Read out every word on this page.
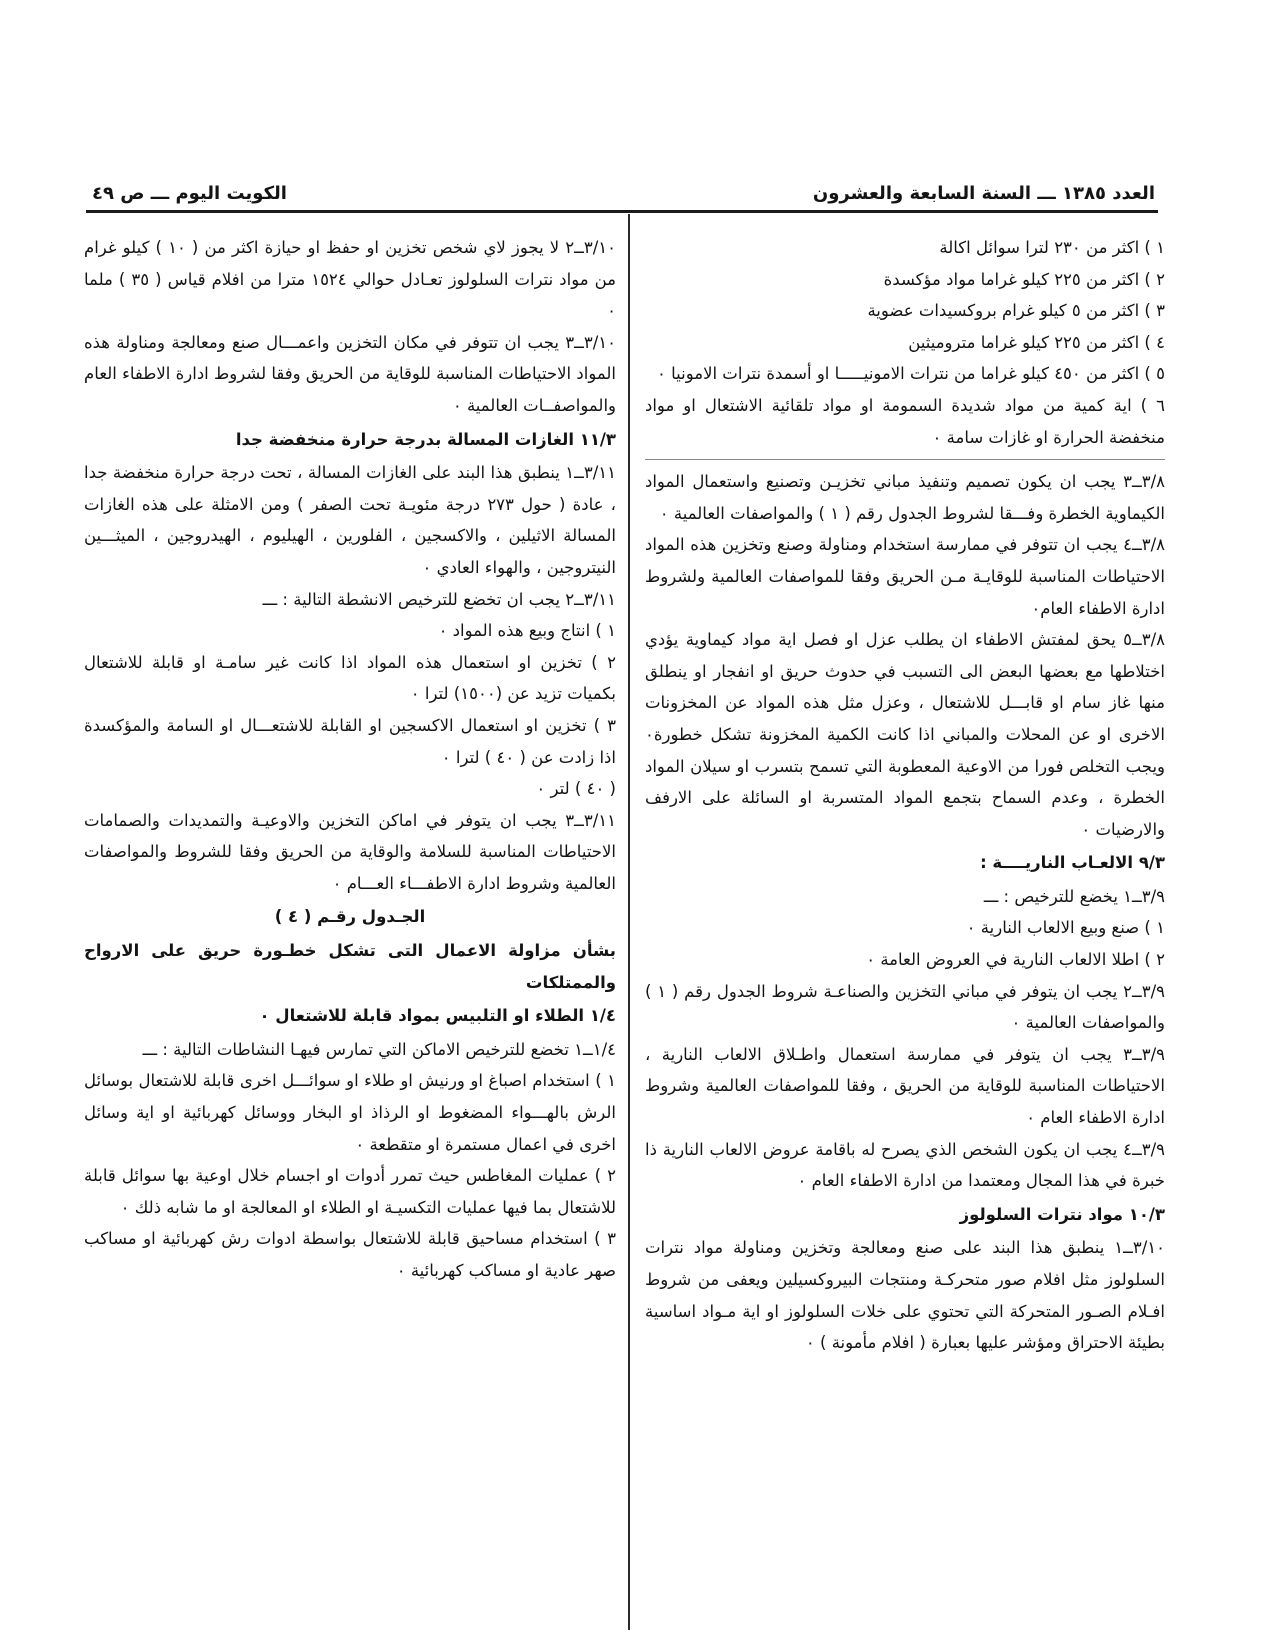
العدد ١٣٨٥ ـــ السنة السابعة والعشرون
الكويت اليوم ـــ ص ٤٩
١ ) اكثر من ٢٣٠ لترا سوائل اكالة
٢ ) اكثر من ٢٢٥ كيلو غراما مواد مؤكسدة
٣ ) اكثر من ٥ كيلو غرام بروكسيدات عضوية
٤ ) اكثر من ٢٢٥ كيلو غراما متروميثين
٥ ) اكثر من ٤٥٠ كيلو غراما من نترات الامونيـــــا او أسمدة نترات الامونيا ٠
٦ ) اية كمية من مواد شديدة السمومة او مواد تلقائية الاشتعال او مواد منخفضة الحرارة او غازات سامة ٠
٣/٨ــ٣ يجب ان يكون تصميم وتنفيذ مباني تخزيـن وتصنيع واستعمال المواد الكيماوية الخطرة وفـــقا لشروط الجدول رقم ( ١ ) والمواصفات العالمية ٠
٣/٨ــ٤ يجب ان تتوفر في ممارسة استخدام ومناولة وصنع وتخزين هذه المواد الاحتياطات المناسبة للوقايـة مـن الحريق وفقا للمواصفات العالمية ولشروط ادارة الاطفاء العام٠
٣/٨ــ٥ يحق لمفتش الاطفاء ان يطلب عزل او فصل اية مواد كيماوية يؤدي اختلاطها مع بعضها البعض الى التسبب في حدوث حريق او انفجار او ينطلق منها غاز سام او قابـــل للاشتعال ، وعزل مثل هذه المواد عن المخزونات الاخرى او عن المحلات والمباني اذا كانت الكمية المخزونة تشكل خطورة٠ ويجب التخلص فورا من الاوعية المعطوبة التي تسمح بتسرب او سيلان المواد الخطرة ، وعدم السماح بتجمع المواد المتسربة او السائلة على الارفف والارضيات ٠
٩/٣ الالعـاب الناريــــة :
٣/٩ــ١ يخضع للترخيص : ـــ
١ ) صنع وبيع الالعاب النارية ٠
٢ ) اطلا الالعاب النارية في العروض العامة ٠
٣/٩ــ٢ يجب ان يتوفر في مباني التخزين والصناعـة شروط الجدول رقم ( ١ ) والمواصفات العالمية ٠
٣/٩ــ٣ يجب ان يتوفر في ممارسة استعمال واطـلاق الالعاب النارية ، الاحتياطات المناسبة للوقاية من الحريق ، وفقا للمواصفات العالمية وشروط ادارة الاطفاء العام ٠
٣/٩ــ٤ يجب ان يكون الشخص الذي يصرح له باقامة عروض الالعاب النارية ذا خبرة في هذا المجال ومعتمدا من ادارة الاطفاء العام ٠
١٠/٣ مواد نترات السلولوز
٣/١٠ــ١ ينطبق هذا البند على صنع ومعالجة وتخزين ومناولة مواد نترات السلولوز مثل افلام صور متحركـة ومنتجات البيروكسيلين ويعفى من شروط افـلام الصـور المتحركة التي تحتوي على خلات السلولوز او اية مـواد اساسية بطيئة الاحتراق ومؤشر عليها بعبارة ( افلام مأمونة ) ٠
٣/١٠ــ٢ لا يجوز لاي شخص تخزين او حفظ او حيازة اكثر من ( ١٠ ) كيلو غرام من مواد نترات السلولوز تعـادل حوالي ١٥٢٤ مترا من افلام قياس ( ٣٥ ) ملما ٠
٣/١٠ــ٣ يجب ان تتوفر في مكان التخزين واعمـــال صنع ومعالجة ومناولة هذه المواد الاحتياطات المناسبة للوقاية من الحريق وفقا لشروط ادارة الاطفاء العام والمواصفــات العالمية ٠
١١/٣ الغازات المسالة بدرجة حرارة منخفضة جدا
٣/١١ــ١ ينطبق هذا البند على الغازات المسالة ، تحت درجة حرارة منخفضة جدا ، عادة ( حول ٢٧٣ درجة مئويـة تحت الصفر ) ومن الامثلة على هذه الغازات المسالة الاثيلين ، والاكسجين ، الفلورين ، الهيليوم ، الهيدروجين ، الميثـــين النيتروجين ، والهواء العادي ٠
٣/١١ــ٢ يجب ان تخضع للترخيص الانشطة التالية : ـــ
١ ) انتاج وبيع هذه المواد ٠
٢ ) تخزين او استعمال هذه المواد اذا كانت غير سامـة او قابلة للاشتعال بكميات تزيد عن (١٥٠٠) لترا ٠
٣ ) تخزين او استعمال الاكسجين او القابلة للاشتعـــال او السامة والمؤكسدة اذا زادت عن ( ٤٠ ) لترا ٠
( ٤٠ ) لتر ٠
٣/١١ــ٣ يجب ان يتوفر في اماكن التخزين والاوعيـة والتمديدات والصمامات الاحتياطات المناسبة للسلامة والوقاية من الحريق وفقا للشروط والمواصفات العالمية وشروط ادارة الاطفـــاء العـــام ٠
الجـدول رقـم ( ٤ )
بشأن مزاولة الاعمال التى تشكل خطـورة حريق على الارواح والممتلكات
١/٤ الطلاء او التلبيس بمواد قابلة للاشتعال ٠
١/٤ــ١ تخضع للترخيص الاماكن التي تمارس فيهـا النشاطات التالية : ـــ
١ ) استخدام اصباغ او ورنيش او طلاء او سوائـــل اخرى قابلة للاشتعال بوسائل الرش بالهـــواء المضغوط او الرذاذ او البخار ووسائل كهربائية او اية وسائل اخرى في اعمال مستمرة او متقطعة ٠
٢ ) عمليات المغاطس حيث تمرر أدوات او اجسام خلال اوعية بها سوائل قابلة للاشتعال بما فيها عمليات التكسيـة او الطلاء او المعالجة او ما شابه ذلك ٠
٣ ) استخدام مساحيق قابلة للاشتعال بواسطة ادوات رش كهربائية او مساكب صهر عادية او مساكب كهربائية ٠
